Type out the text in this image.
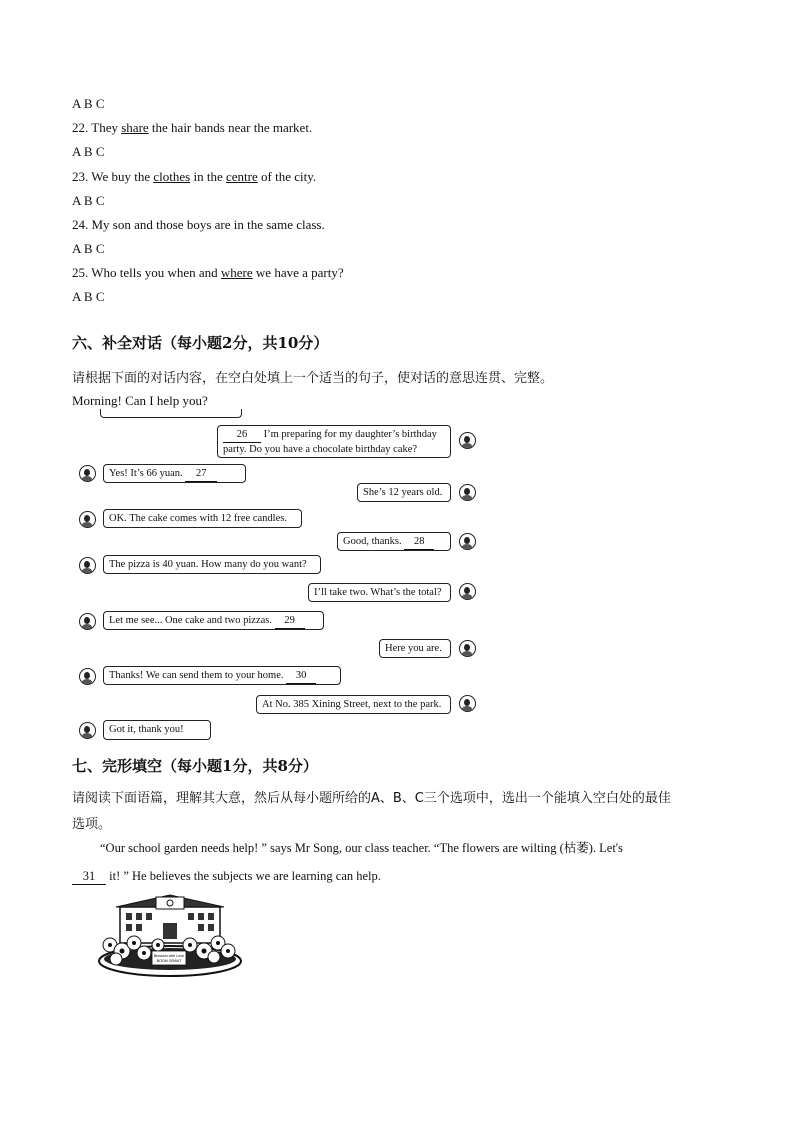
A B C
22. They share the hair bands near the market.
A B C
23. We buy the clothes in the centre of the city.
A B C
24. My son and those boys are in the same class.
A B C
25. Who tells you when and where we have a party?
A B C
六、补全对话（每小题2分，共10分）
请根据下面的对话内容，在空白处填上一个适当的句子，使对话的意思连贯、完整。
Morning! Can I help you?
26 I’m preparing for my daughter’s birthday
party. Do you have a chocolate birthday cake?
Yes! It’s 66 yuan. 27
She’s 12 years old.
OK. The cake comes with 12 free candles.
Good, thanks. 28
The pizza is 40 yuan. How many do you want?
I’ll take two. What’s the total?
Let me see... One cake and two pizzas. 29
Here you are.
Thanks! We can send them to your home. 30
At No. 385 Xining Street, next to the park.
Got it, thank you!
七、完形填空（每小题1分，共8分）
请阅读下面语篇，理解其大意，然后从每小题所给的A、B、C三个选项中，选出一个能填入空白处的最佳
选项。
“Our school garden needs help! ” says Mr Song, our class teacher. “The flowers are wilting (枯萎). Let's
31 it! ” He believes the subjects we are learning can help.
Blossom with Love
BOOM GRANT
